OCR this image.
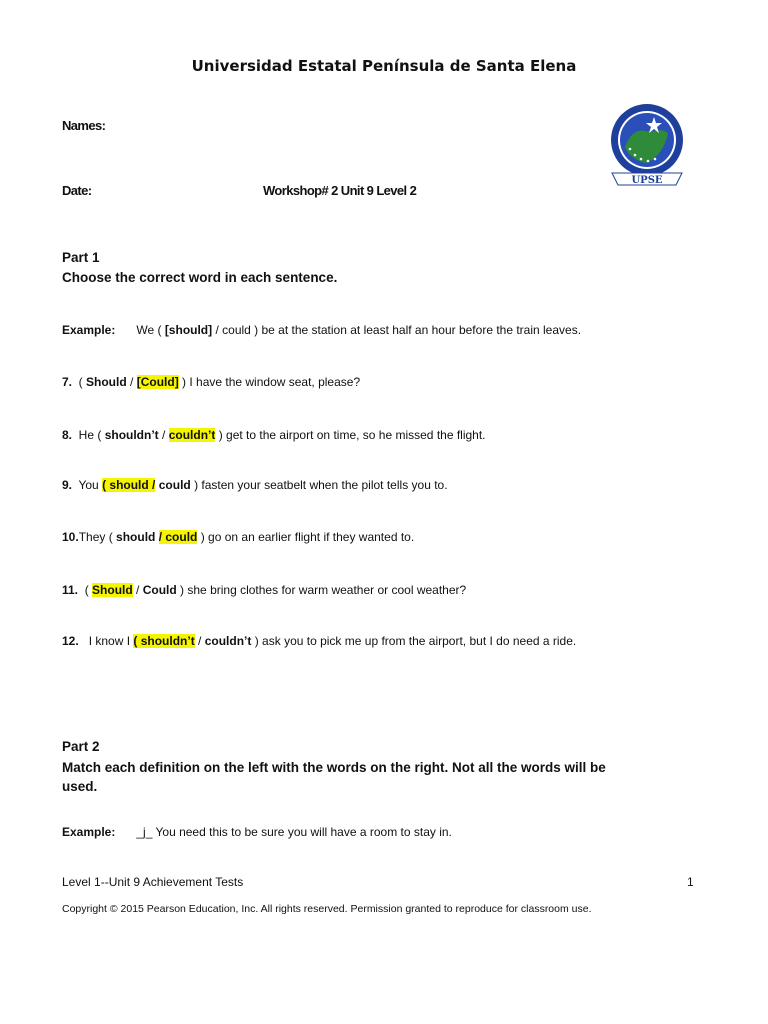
Universidad Estatal Península de Santa Elena
Names:
Date:	Workshop# 2 Unit 9 Level 2
UPSE
Part 1
Choose the correct word in each sentence.
Example: We ( [should] / could ) be at the station at least half an hour before the train leaves.
7.  ( Should / [Could] ) I have the window seat, please?
8.  He ( shouldn’t / couldn’t ) get to the airport on time, so he missed the flight.
9.  You ( should / could ) fasten your seatbelt when the pilot tells you to.
10.They ( should / could ) go on an earlier flight if they wanted to.
11.  ( Should / Could ) she bring clothes for warm weather or cool weather?
12.   I know I ( shouldn’t / couldn’t ) ask you to pick me up from the airport, but I do need a ride.
Part 2
Match each definition on the left with the words on the right. Not all the words will be
used.
Example: _j_ You need this to be sure you will have a room to stay in.
Level 1--Unit 9 Achievement Tests	1
Copyright © 2015 Pearson Education, Inc. All rights reserved. Permission granted to reproduce for classroom use.
